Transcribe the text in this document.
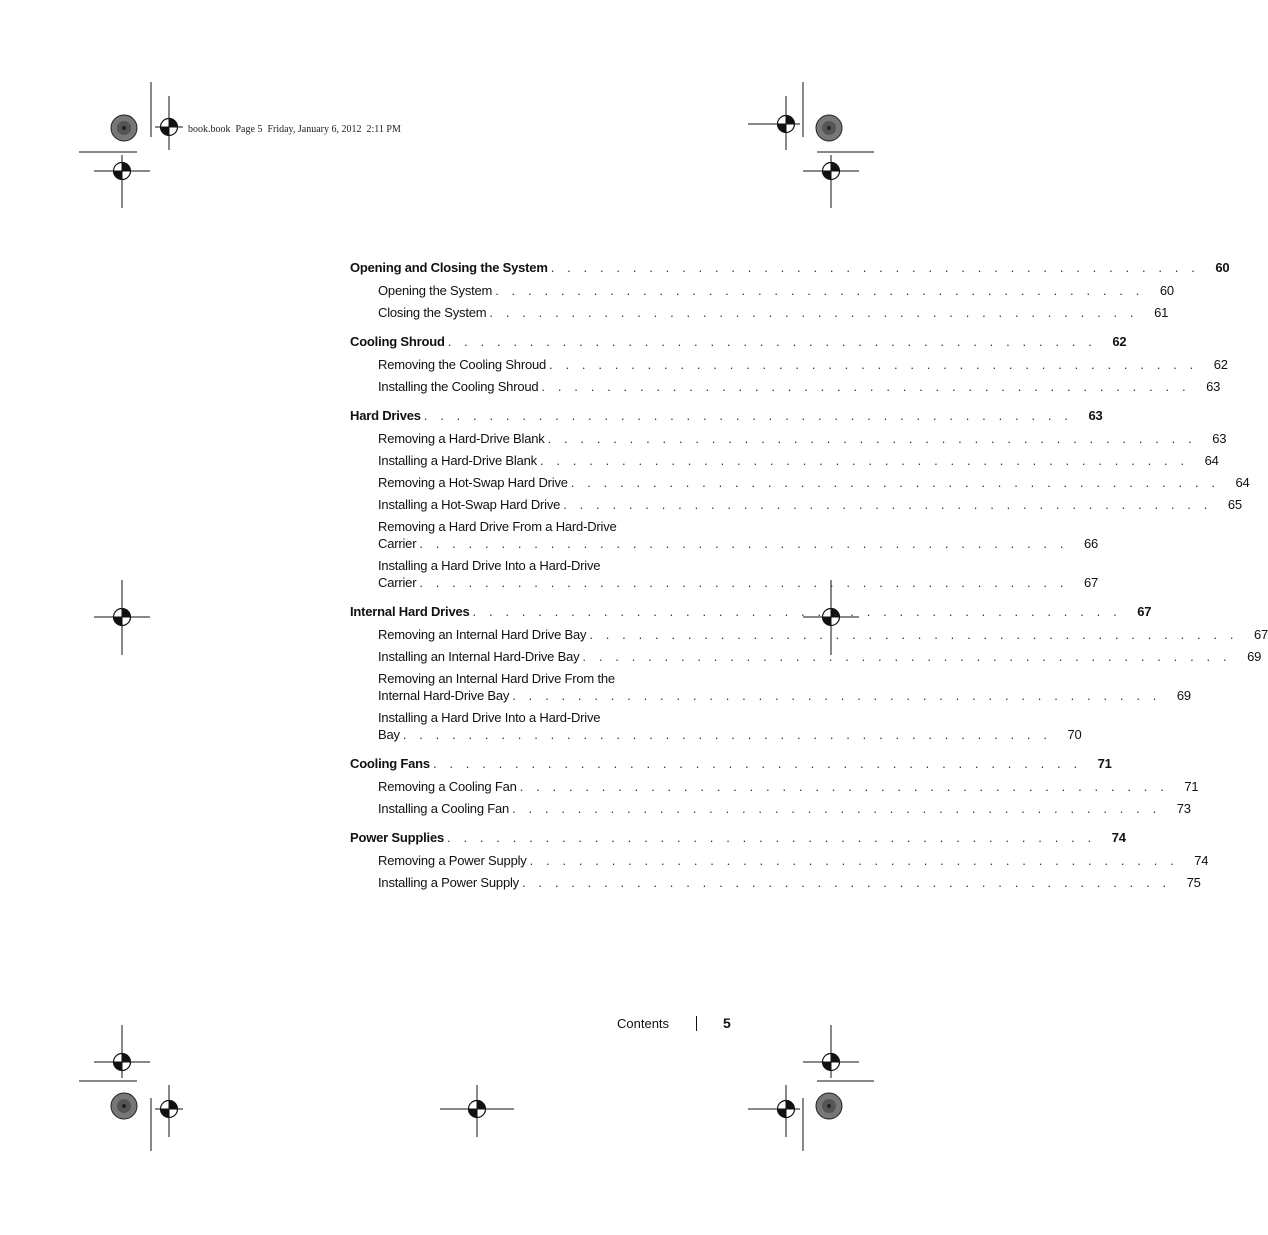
book.book  Page 5  Friday, January 6, 2012  2:11 PM
Opening and Closing the System . . . . . . . . . . . . . . . . . . . . . . . . . . . . . . . . . . . . . . . .	60
Opening the System . . . . . . . . . . . . . . . . . . . . . . . . . . . . . . . . . . . . . . . .	60
Closing the System . . . . . . . . . . . . . . . . . . . . . . . . . . . . . . . . . . . . . . . .	61
Cooling Shroud . . . . . . . . . . . . . . . . . . . . . . . . . . . . . . . . . . . . . . . .	62
Removing the Cooling Shroud . . . . . . . . . . . . . . . . . . . . . . . . . . . . . . . . . . . . . . . .	62
Installing the Cooling Shroud . . . . . . . . . . . . . . . . . . . . . . . . . . . . . . . . . . . . . . . .	63
Hard Drives . . . . . . . . . . . . . . . . . . . . . . . . . . . . . . . . . . . . . . . .	63
Removing a Hard-Drive Blank . . . . . . . . . . . . . . . . . . . . . . . . . . . . . . . . . . . . . . . .	63
Installing a Hard-Drive Blank . . . . . . . . . . . . . . . . . . . . . . . . . . . . . . . . . . . . . . . .	64
Removing a Hot-Swap Hard Drive . . . . . . . . . . . . . . . . . . . . . . . . . . . . . . . . . . . . . . . .	64
Installing a Hot-Swap Hard Drive . . . . . . . . . . . . . . . . . . . . . . . . . . . . . . . . . . . . . . . .	65
Removing a Hard Drive From a Hard-Drive
Carrier . . . . . . . . . . . . . . . . . . . . . . . . . . . . . . . . . . . . . . . .	66
Installing a Hard Drive Into a Hard-Drive
Carrier . . . . . . . . . . . . . . . . . . . . . . . . . . . . . . . . . . . . . . . .	67
Internal Hard Drives . . . . . . . . . . . . . . . . . . . . . . . . . . . . . . . . . . . . . . . .	67
Removing an Internal Hard Drive Bay . . . . . . . . . . . . . . . . . . . . . . . . . . . . . . . . . . . . . . . .	67
Installing an Internal Hard-Drive Bay . . . . . . . . . . . . . . . . . . . . . . . . . . . . . . . . . . . . . . . .	69
Removing an Internal Hard Drive From the
Internal Hard-Drive Bay . . . . . . . . . . . . . . . . . . . . . . . . . . . . . . . . . . . . . . . .	69
Installing a Hard Drive Into a Hard-Drive
Bay . . . . . . . . . . . . . . . . . . . . . . . . . . . . . . . . . . . . . . . .	70
Cooling Fans . . . . . . . . . . . . . . . . . . . . . . . . . . . . . . . . . . . . . . . .	71
Removing a Cooling Fan . . . . . . . . . . . . . . . . . . . . . . . . . . . . . . . . . . . . . . . .	71
Installing a Cooling Fan . . . . . . . . . . . . . . . . . . . . . . . . . . . . . . . . . . . . . . . .	73
Power Supplies . . . . . . . . . . . . . . . . . . . . . . . . . . . . . . . . . . . . . . . .	74
Removing a Power Supply . . . . . . . . . . . . . . . . . . . . . . . . . . . . . . . . . . . . . . . .	74
Installing a Power Supply . . . . . . . . . . . . . . . . . . . . . . . . . . . . . . . . . . . . . . . .	75
Contents	5
